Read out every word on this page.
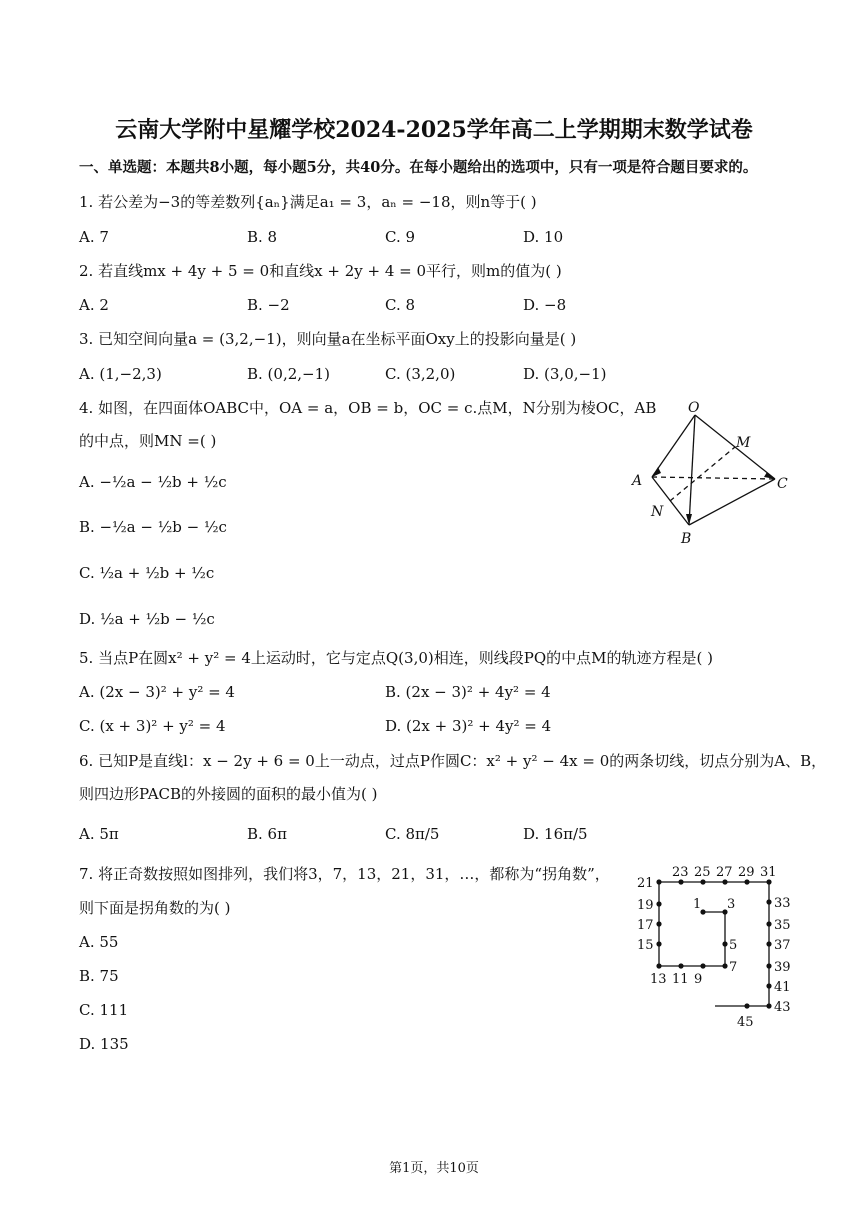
云南大学附中星耀学校2024-2025学年高二上学期期末数学试卷
一、单选题：本题共8小题，每小题5分，共40分。在每小题给出的选项中，只有一项是符合题目要求的。
1. 若公差为−3的等差数列{aₙ}满足a₁ = 3，aₙ = −18，则n等于( )
A. 7	B. 8	C. 9	D. 10
2. 若直线mx + 4y + 5 = 0和直线x + 2y + 4 = 0平行，则m的值为( )
A. 2	B. −2	C. 8	D. −8
3. 已知空间向量a = (3,2,−1)，则向量a在坐标平面Oxy上的投影向量是( )
A. (1,−2,3)	B. (0,2,−1)	C. (3,2,0)	D. (3,0,−1)
4. 如图，在四面体OABC中，OA = a，OB = b，OC = c.点M，N分别为棱OC，AB
的中点，则MN =( )
A. −½a − ½b + ½c
B. −½a − ½b − ½c
C. ½a + ½b + ½c
D. ½a + ½b − ½c
O
M
A	C
N
B
5. 当点P在圆x² + y² = 4上运动时，它与定点Q(3,0)相连，则线段PQ的中点M的轨迹方程是( )
A. (2x − 3)² + y² = 4	B. (2x − 3)² + 4y² = 4
C. (x + 3)² + y² = 4	D. (2x + 3)² + 4y² = 4
6. 已知P是直线l：x − 2y + 6 = 0上一动点，过点P作圆C：x² + y² − 4x = 0的两条切线，切点分别为A、B，
则四边形PACB的外接圆的面积的最小值为( )
A. 5π	B. 6π	C. 8π/5	D. 16π/5
7. 将正奇数按照如图排列，我们将3，7，13，21，31，…，都称为“拐角数”，
则下面是拐角数的为( )
A. 55
B. 75
C. 111
D. 135
1 3
5
7
9
11
13
15
17
19
21
23 25 27 29 31
33
35
37
39
41
43
45
第1页，共10页
